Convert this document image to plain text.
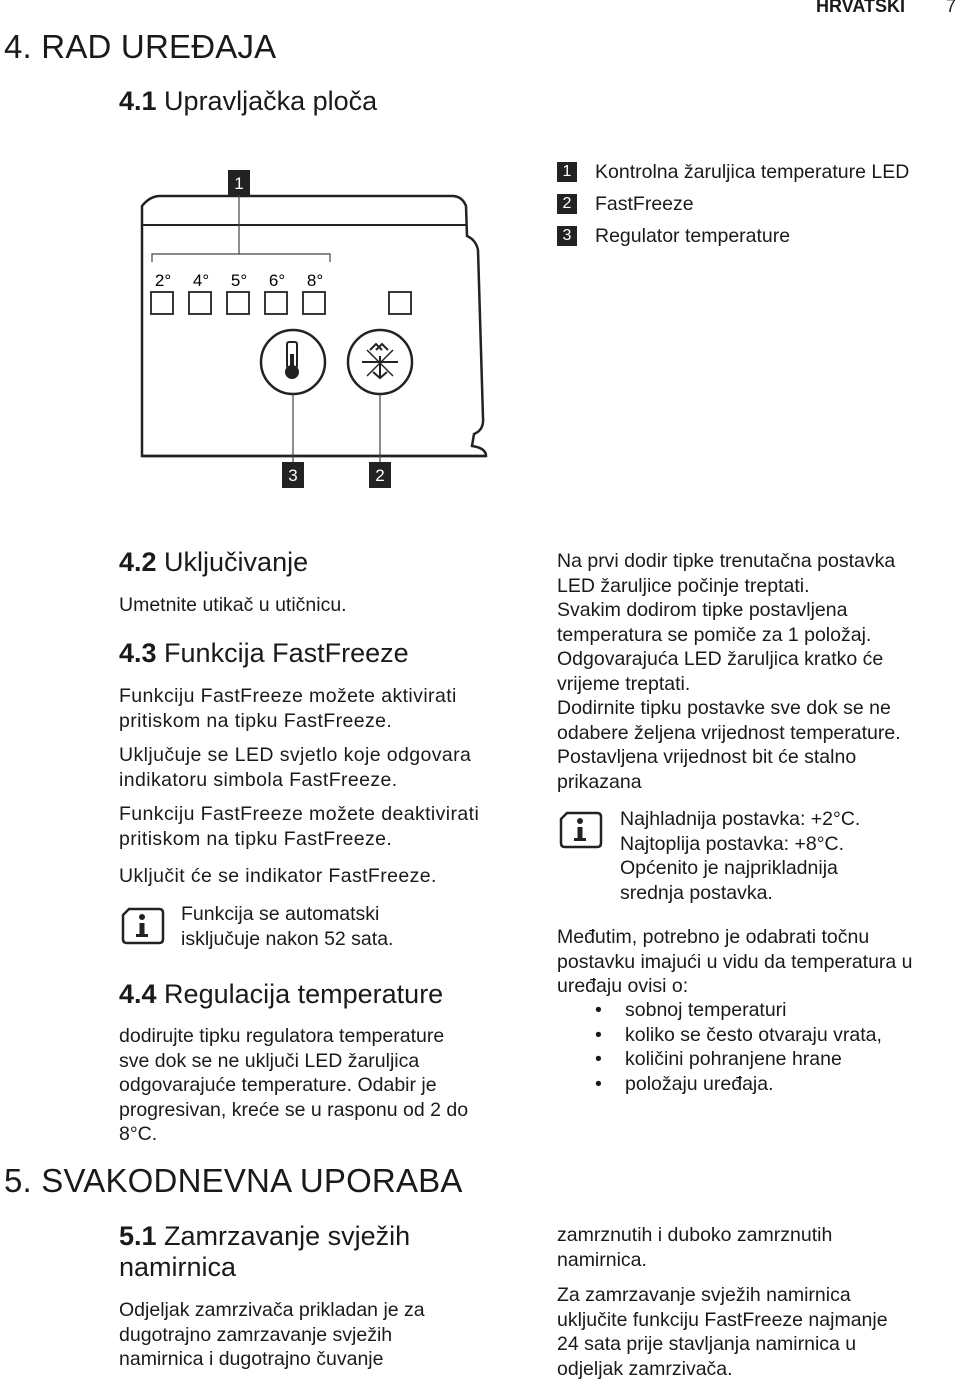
HRVATSKI 7
4. RAD UREĐAJA
4.1 Upravljačka ploča
1
2° 4° 5° 6° 8°
3	2
1 Kontrolna žaruljica temperature LED
2 FastFreeze
3 Regulator temperature
4.2 Uključivanje

Umetnite utikač u utičnicu.

4.3 Funkcija FastFreeze

Funkciju FastFreeze možete aktivirati

pritiskom na tipku FastFreeze.

Uključuje se LED svjetlo koje odgovara

indikatoru simbola FastFreeze.

Funkciju FastFreeze možete deaktivirati

pritiskom na tipku FastFreeze.

Uključit će se indikator FastFreeze.

Funkcija se automatski

isključuje nakon 52 sata.

4.4 Regulacija temperature

dodirujte tipku regulatora temperature

sve dok se ne uključi LED žaruljica

odgovarajuće temperature. Odabir je

progresivan, kreće se u rasponu od 2 do

8°C.

Na prvi dodir tipke trenutačna postavka

LED žaruljice počinje treptati.

Svakim dodirom tipke postavljena

temperatura se pomiče za 1 položaj.

Odgovarajuća LED žaruljica kratko će

vrijeme treptati.

Dodirnite tipku postavke sve dok se ne

odabere željena vrijednost temperature.

Postavljena vrijednost bit će stalno

prikazana

Najhladnija postavka: +2°C.

Najtoplija postavka: +8°C.

Općenito je najprikladnija

srednja postavka.

Međutim, potrebno je odabrati točnu

postavku imajući u vidu da temperatura u

uređaju ovisi o:

• sobnoj temperaturi
• koliko se često otvaraju vrata,
• količini pohranjene hrane
• položaju uređaja.
5. SVAKODNEVNA UPORABA
5.1 Zamrzavanje svježih
namirnica

Odjeljak zamrzivača prikladan je za

dugotrajno zamrzavanje svježih

namirnica i dugotrajno čuvanje

zamrznutih i duboko zamrznutih

namirnica.

Za zamrzavanje svježih namirnica

uključite funkciju FastFreeze najmanje

24 sata prije stavljanja namirnica u

odjeljak zamrzivača.
